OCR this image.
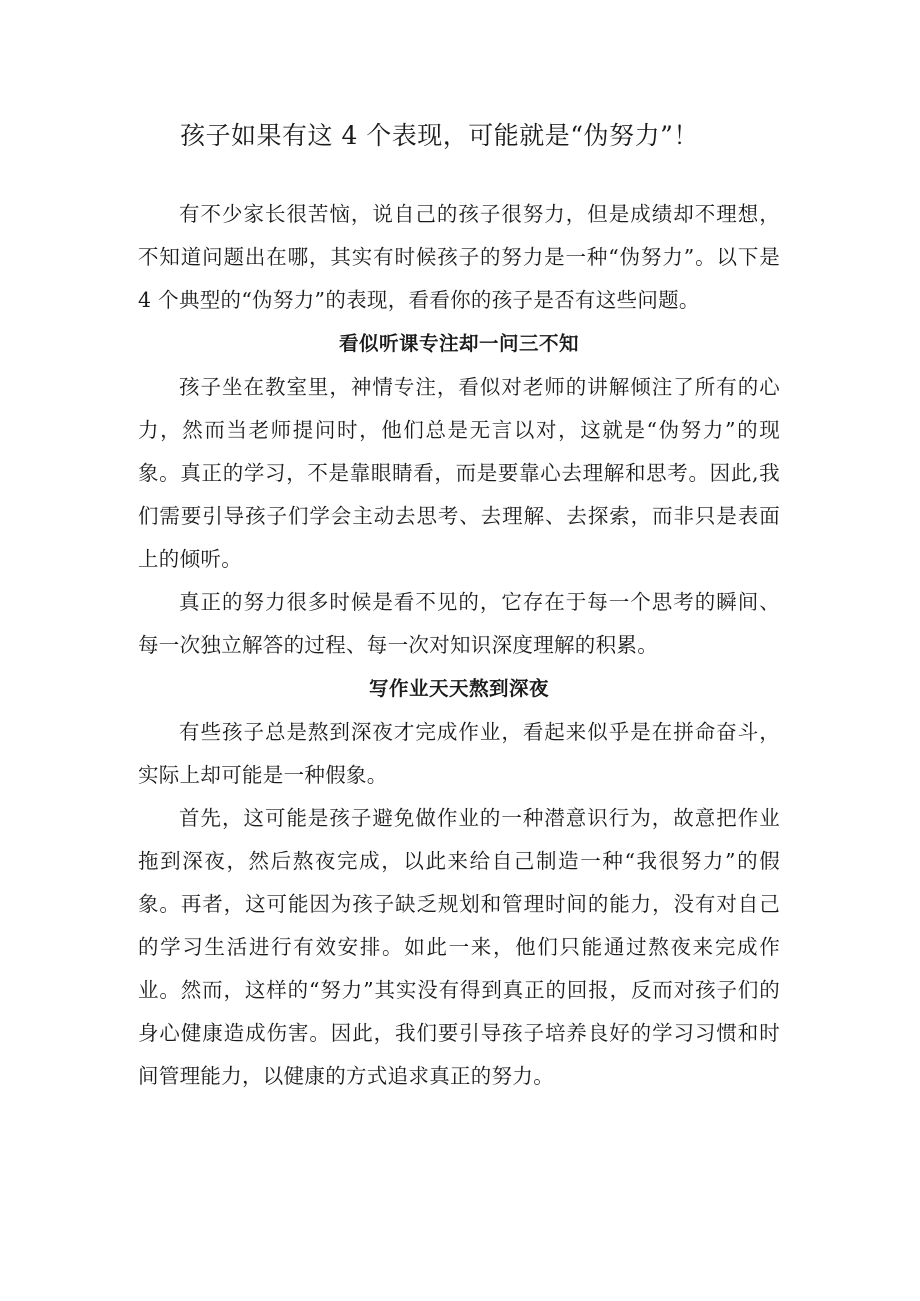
孩子如果有这 4 个表现，可能就是“伪努力”！

有不少家长很苦恼，说自己的孩子很努力，但是成绩却不理想，不知道问题出在哪，其实有时候孩子的努力是一种“伪努力”。以下是 4 个典型的“伪努力”的表现，看看你的孩子是否有这些问题。

看似听课专注却一问三不知

孩子坐在教室里，神情专注，看似对老师的讲解倾注了所有的心力，然而当老师提问时，他们总是无言以对，这就是“伪努力”的现象。真正的学习，不是靠眼睛看，而是要靠心去理解和思考。因此,我们需要引导孩子们学会主动去思考、去理解、去探索，而非只是表面上的倾听。

真正的努力很多时候是看不见的，它存在于每一个思考的瞬间、每一次独立解答的过程、每一次对知识深度理解的积累。

写作业天天熬到深夜

有些孩子总是熬到深夜才完成作业，看起来似乎是在拼命奋斗，实际上却可能是一种假象。

首先，这可能是孩子避免做作业的一种潜意识行为，故意把作业拖到深夜，然后熬夜完成，以此来给自己制造一种“我很努力”的假象。再者，这可能因为孩子缺乏规划和管理时间的能力，没有对自己的学习生活进行有效安排。如此一来，他们只能通过熬夜来完成作业。然而，这样的“努力”其实没有得到真正的回报，反而对孩子们的身心健康造成伤害。因此，我们要引导孩子培养良好的学习习惯和时间管理能力，以健康的方式追求真正的努力。
